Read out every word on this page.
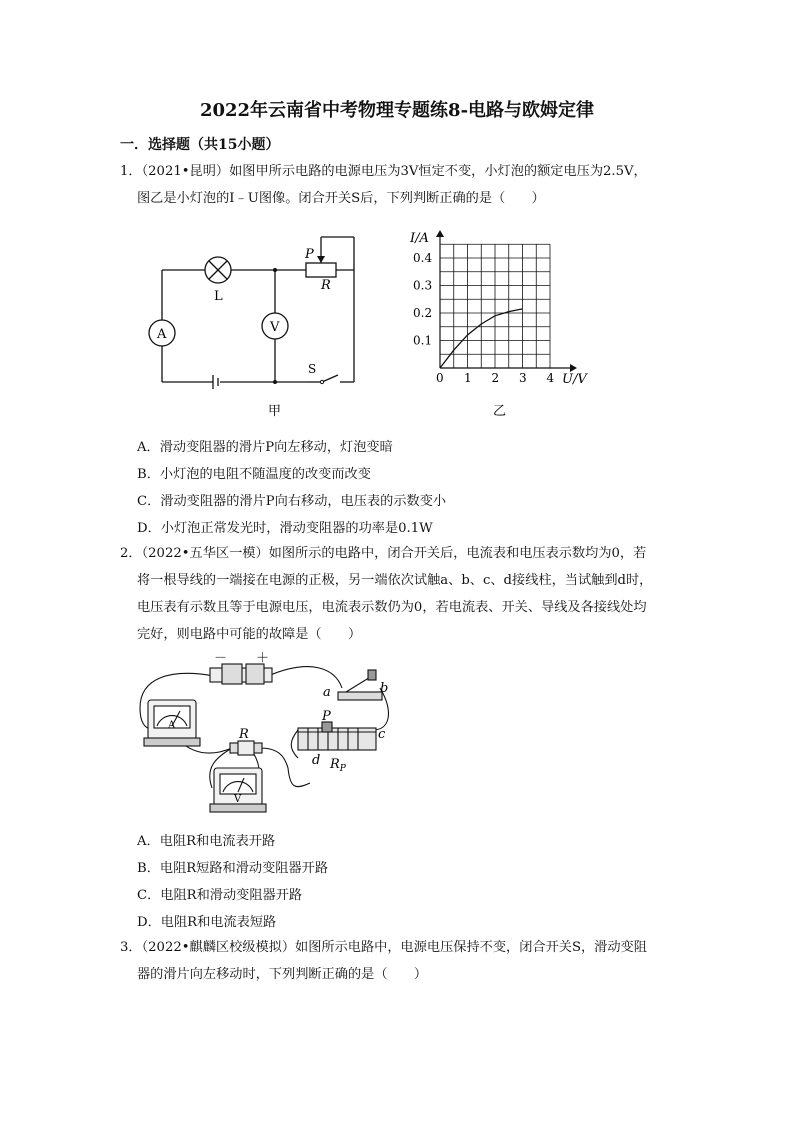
2022年云南省中考物理专题练8-电路与欧姆定律
一．选择题（共15小题）
1．（2021•昆明）如图甲所示电路的电源电压为3V恒定不变，小灯泡的额定电压为2.5V，
图乙是小灯泡的I﹣U图像。闭合开关S后，下列判断正确的是（　　）
P
R
L
A	V
S
甲
I/A
U/V
0
0.1
0.2
0.3
0.4
1 2 3 4
乙
A．滑动变阻器的滑片P向左移动，灯泡变暗
B．小灯泡的电阻不随温度的改变而改变
C．滑动变阻器的滑片P向右移动，电压表的示数变小
D．小灯泡正常发光时，滑动变阻器的功率是0.1W
2．（2022•五华区一模）如图所示的电路中，闭合开关后，电流表和电压表示数均为0，若
将一根导线的一端接在电源的正极，另一端依次试触a、b、c、d接线柱，当试触到d时，
电压表有示数且等于电源电压，电流表示数仍为0，若电流表、开关、导线及各接线处均
完好，则电路中可能的故障是（　　）
－ ＋
A
a	b
R
P
c
d $R_P$
V
A．电阻R和电流表开路
B．电阻R短路和滑动变阻器开路
C．电阻R和滑动变阻器开路
D．电阻R和电流表短路
3．（2022•麒麟区校级模拟）如图所示电路中，电源电压保持不变，闭合开关S，滑动变阻
器的滑片向左移动时，下列判断正确的是（　　）
